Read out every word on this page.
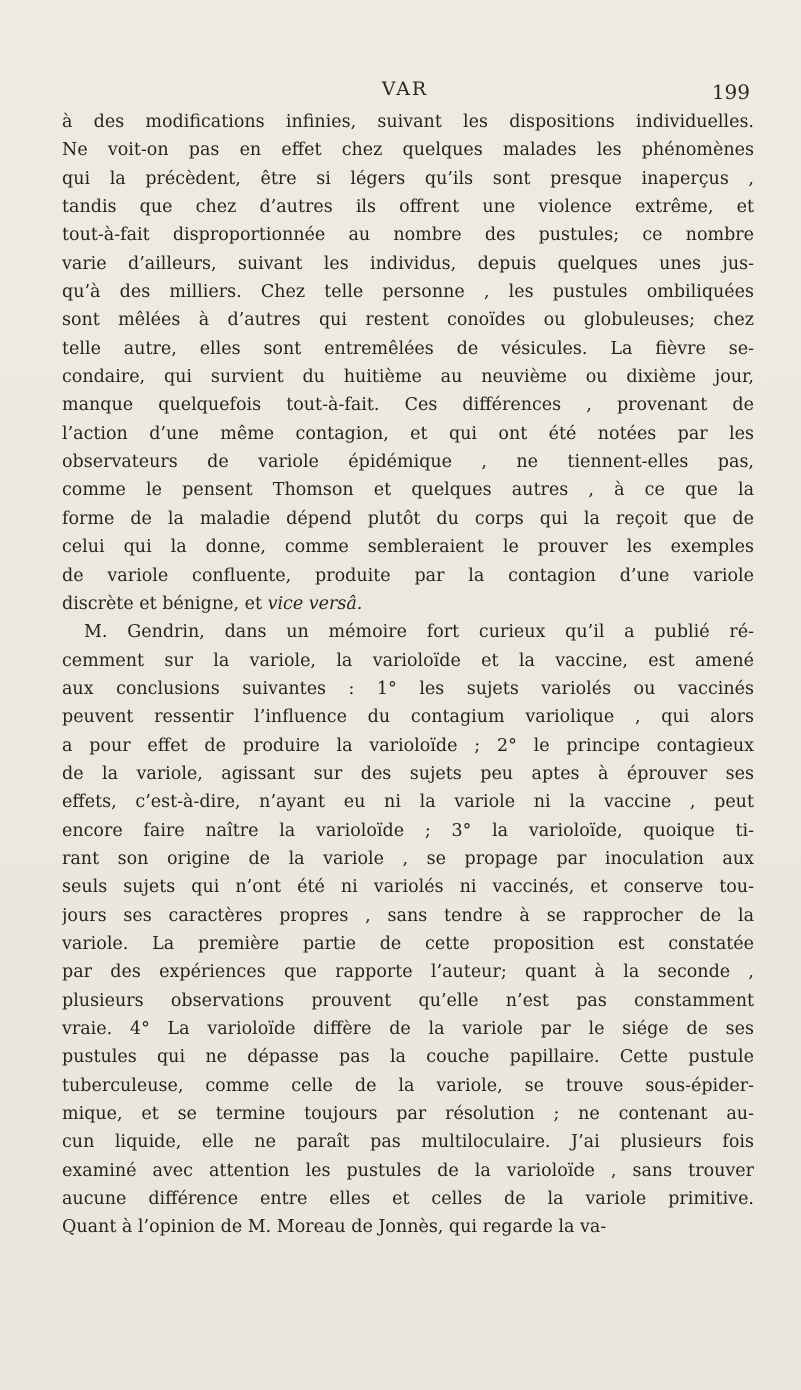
VAR	199
à des modifications infinies, suivant les dispositions individuelles.
Ne voit-on pas en effet chez quelques malades les phénomènes
qui la précèdent, être si légers qu’ils sont presque inaperçus ,
tandis que chez d’autres ils offrent une violence extrême, et
tout-à-fait disproportionnée au nombre des pustules; ce nombre
varie d’ailleurs, suivant les individus, depuis quelques unes jus-
qu’à des milliers. Chez telle personne , les pustules ombiliquées
sont mêlées à d’autres qui restent conoïdes ou globuleuses; chez
telle autre, elles sont entremêlées de vésicules. La fièvre se-
condaire, qui survient du huitième au neuvième ou dixième jour,
manque quelquefois tout-à-fait. Ces différences , provenant de
l’action d’une même contagion, et qui ont été notées par les
observateurs de variole épidémique , ne tiennent-elles pas,
comme le pensent Thomson et quelques autres , à ce que la
forme de la maladie dépend plutôt du corps qui la reçoit que de
celui qui la donne, comme sembleraient le prouver les exemples
de variole confluente, produite par la contagion d’une variole
discrète et bénigne, et vice versâ.
M. Gendrin, dans un mémoire fort curieux qu’il a publié ré-
cemment sur la variole, la varioloïde et la vaccine, est amené
aux conclusions suivantes : 1° les sujets variolés ou vaccinés
peuvent ressentir l’influence du contagium variolique , qui alors
a pour effet de produire la varioloïde ; 2° le principe contagieux
de la variole, agissant sur des sujets peu aptes à éprouver ses
effets, c’est-à-dire, n’ayant eu ni la variole ni la vaccine , peut
encore faire naître la varioloïde ; 3° la varioloïde, quoique ti-
rant son origine de la variole , se propage par inoculation aux
seuls sujets qui n’ont été ni variolés ni vaccinés, et conserve tou-
jours ses caractères propres , sans tendre à se rapprocher de la
variole. La première partie de cette proposition est constatée
par des expériences que rapporte l’auteur; quant à la seconde ,
plusieurs observations prouvent qu’elle n’est pas constamment
vraie. 4° La varioloïde diffère de la variole par le siége de ses
pustules qui ne dépasse pas la couche papillaire. Cette pustule
tuberculeuse, comme celle de la variole, se trouve sous-épider-
mique, et se termine toujours par résolution ; ne contenant au-
cun liquide, elle ne paraît pas multiloculaire. J’ai plusieurs fois
examiné avec attention les pustules de la varioloïde , sans trouver
aucune différence entre elles et celles de la variole primitive.
Quant à l’opinion de M. Moreau de Jonnès, qui regarde la va-
